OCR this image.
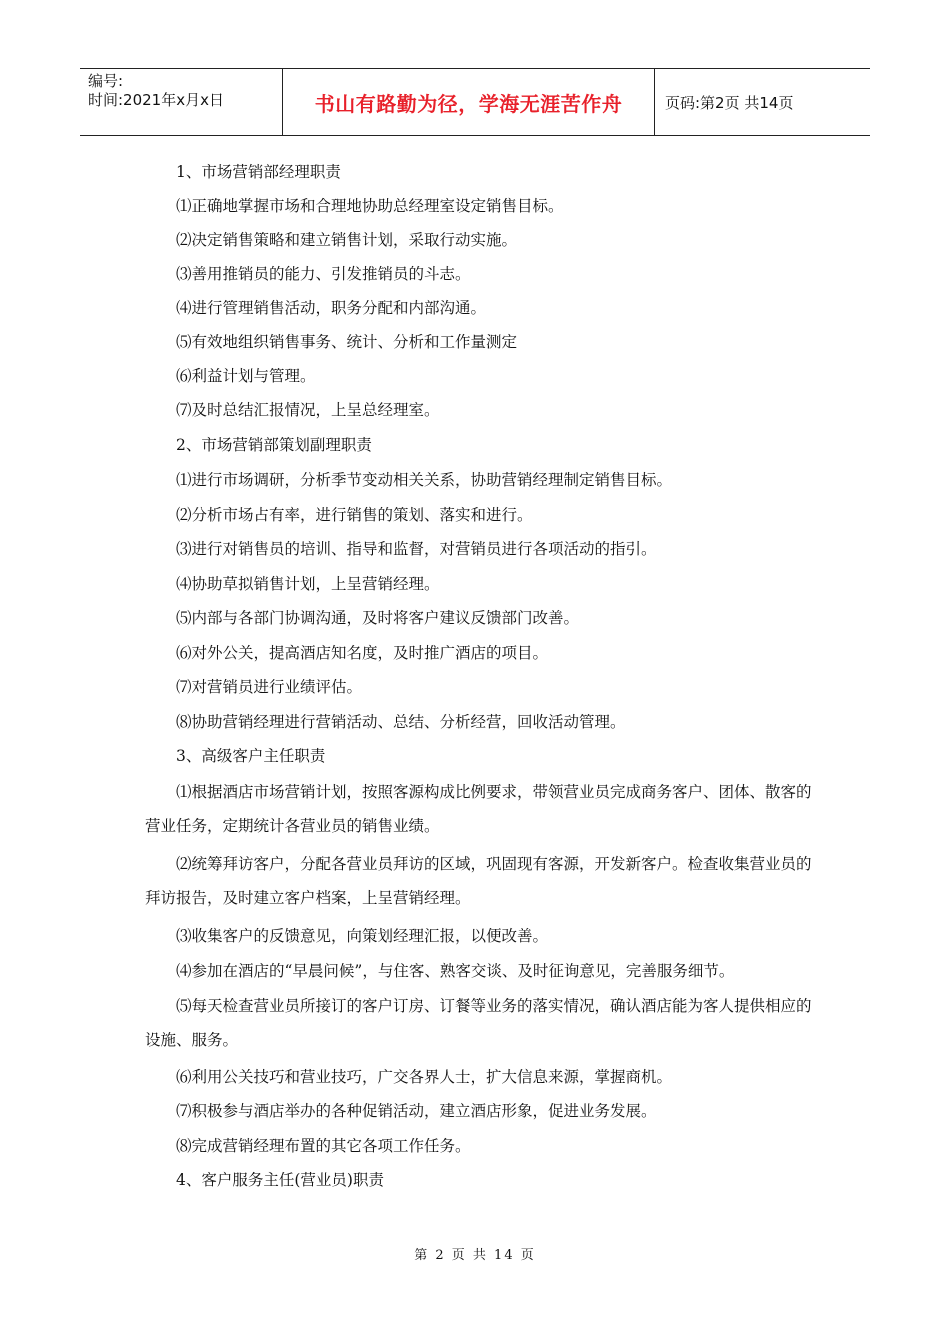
编号:
时间:2021年x月x日	书山有路勤为径，学海无涯苦作舟	页码:第2页 共14页

1、市场营销部经理职责

⑴正确地掌握市场和合理地协助总经理室设定销售目标。

⑵决定销售策略和建立销售计划，采取行动实施。

⑶善用推销员的能力、引发推销员的斗志。

⑷进行管理销售活动，职务分配和内部沟通。

⑸有效地组织销售事务、统计、分析和工作量测定

⑹利益计划与管理。

⑺及时总结汇报情况，上呈总经理室。

2、市场营销部策划副理职责

⑴进行市场调研，分析季节变动相关关系，协助营销经理制定销售目标。

⑵分析市场占有率，进行销售的策划、落实和进行。

⑶进行对销售员的培训、指导和监督，对营销员进行各项活动的指引。

⑷协助草拟销售计划，上呈营销经理。

⑸内部与各部门协调沟通，及时将客户建议反馈部门改善。

⑹对外公关，提高酒店知名度，及时推广酒店的项目。

⑺对营销员进行业绩评估。

⑻协助营销经理进行营销活动、总结、分析经营，回收活动管理。

3、高级客户主任职责

⑴根据酒店市场营销计划，按照客源构成比例要求，带领营业员完成商务客户、团体、散客的营业任务，定期统计各营业员的销售业绩。

⑵统筹拜访客户，分配各营业员拜访的区域，巩固现有客源，开发新客户。检查收集营业员的拜访报告，及时建立客户档案，上呈营销经理。

⑶收集客户的反馈意见，向策划经理汇报，以便改善。

⑷参加在酒店的“早晨问候”，与住客、熟客交谈、及时征询意见，完善服务细节。

⑸每天检查营业员所接订的客户订房、订餐等业务的落实情况，确认酒店能为客人提供相应的设施、服务。

⑹利用公关技巧和营业技巧，广交各界人士，扩大信息来源，掌握商机。

⑺积极参与酒店举办的各种促销活动，建立酒店形象，促进业务发展。

⑻完成营销经理布置的其它各项工作任务。

4、客户服务主任(营业员)职责

第 2 页 共 14 页
